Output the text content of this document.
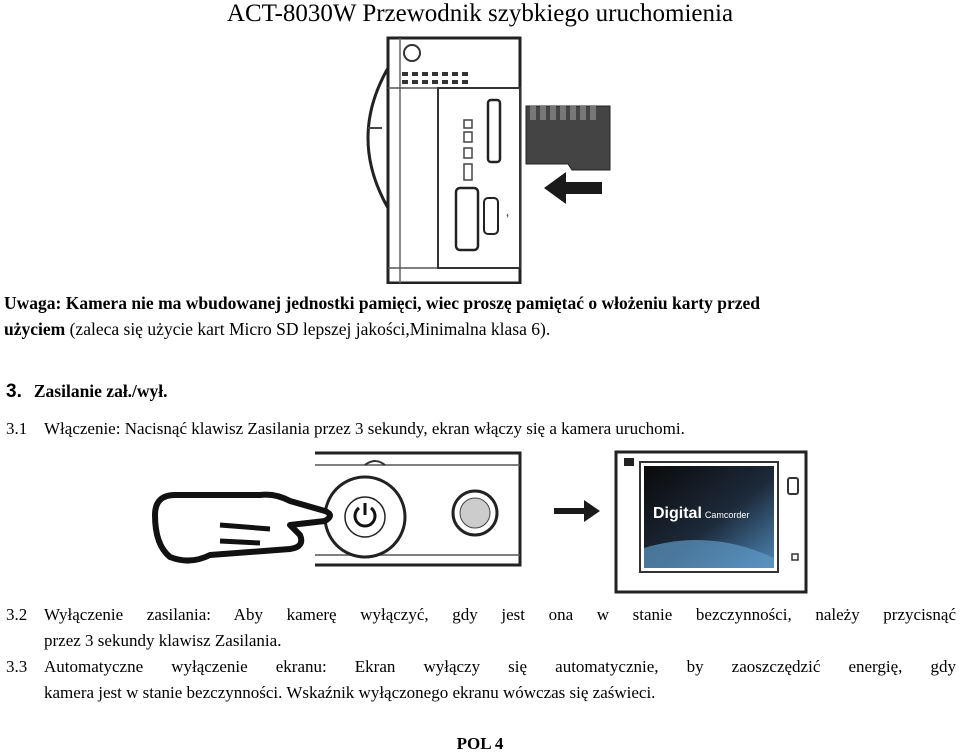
ACT-8030W Przewodnik szybkiego uruchomienia
⌁
Uwaga: Kamera nie ma wbudowanej jednostki pamięci, wiec proszę pamiętać o włożeniu karty przed
użyciem (zaleca się użycie kart Micro SD lepszej jakości,Minimalna klasa 6).
3. Zasilanie zał./wył.
3.1 Włączenie: Nacisnąć klawisz Zasilania przez 3 sekundy, ekran włączy się a kamera uruchomi.
Digital Camcorder
3.2 Wyłączenie zasilania: Aby kamerę wyłączyć, gdy jest ona w stanie bezczynności, należy przycisnąć
przez 3 sekundy klawisz Zasilania.
3.3 Automatyczne wyłączenie ekranu: Ekran wyłączy się automatycznie, by zaoszczędzić energię, gdy
kamera jest w stanie bezczynności. Wskaźnik wyłączonego ekranu wówczas się zaświeci.
POL 4
